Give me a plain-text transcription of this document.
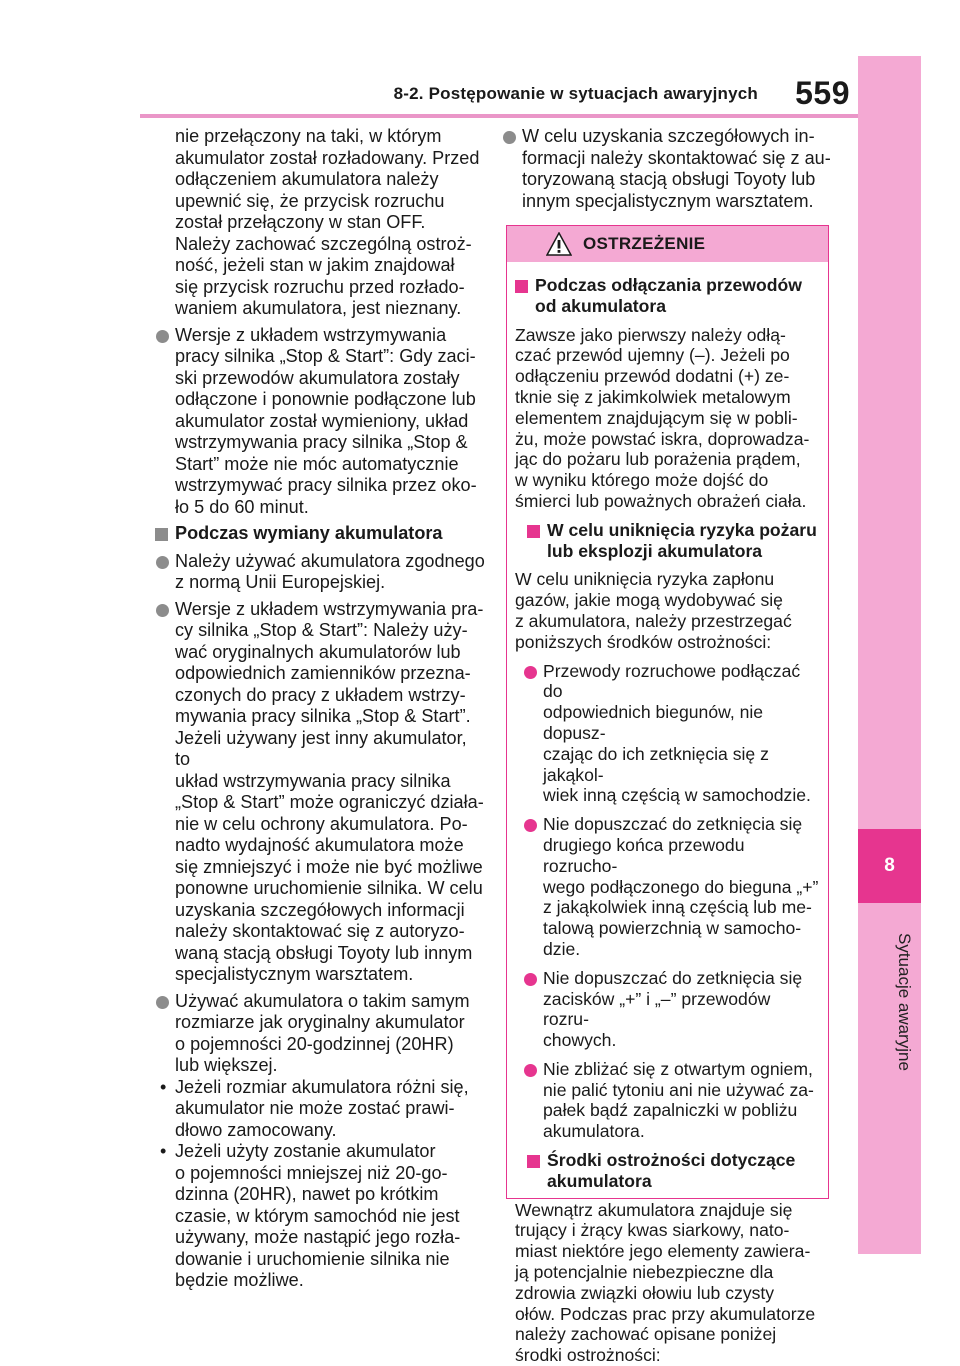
8-2. Postępowanie w sytuacjach awaryjnych	559
8
Sytuacje awaryjne
nie przełączony na taki, w którym
akumulator został rozładowany. Przed
odłączeniem akumulatora należy
upewnić się, że przycisk rozruchu
został przełączony w stan OFF.
Należy zachować szczególną ostroż-
ność, jeżeli stan w jakim znajdował
się przycisk rozruchu przed rozłado-
waniem akumulatora, jest nieznany.
Wersje z układem wstrzymywania
pracy silnika „Stop & Start”: Gdy zaci-
ski przewodów akumulatora zostały
odłączone i ponownie podłączone lub
akumulator został wymieniony, układ
wstrzymywania pracy silnika „Stop &
Start” może nie móc automatycznie
wstrzymywać pracy silnika przez oko-
ło 5 do 60 minut.
Podczas wymiany akumulatora
Należy używać akumulatora zgodnego
z normą Unii Europejskiej.
Wersje z układem wstrzymywania pra-
cy silnika „Stop & Start”: Należy uży-
wać oryginalnych akumulatorów lub
odpowiednich zamienników przezna-
czonych do pracy z układem wstrzy-
mywania pracy silnika „Stop & Start”.
Jeżeli używany jest inny akumulator, to
układ wstrzymywania pracy silnika
„Stop & Start” może ograniczyć działa-
nie w celu ochrony akumulatora. Po-
nadto wydajność akumulatora może
się zmniejszyć i może nie być możliwe
ponowne uruchomienie silnika. W celu
uzyskania szczegółowych informacji
należy skontaktować się z autoryzo-
waną stacją obsługi Toyoty lub innym
specjalistycznym warsztatem.
Używać akumulatora o takim samym
rozmiarze jak oryginalny akumulator
o pojemności 20-godzinnej (20HR)
lub większej.
• Jeżeli rozmiar akumulatora różni się,
akumulator nie może zostać prawi-
dłowo zamocowany.
• Jeżeli użyty zostanie akumulator
o pojemności mniejszej niż 20-go-
dzinna (20HR), nawet po krótkim
czasie, w którym samochód nie jest
używany, może nastąpić jego rozła-
dowanie i uruchomienie silnika nie
będzie możliwe.
W celu uzyskania szczegółowych in-
formacji należy skontaktować się z au-
toryzowaną stacją obsługi Toyoty lub
innym specjalistycznym warsztatem.
OSTRZEŻENIE
Podczas odłączania przewodów
od akumulatora
Zawsze jako pierwszy należy odłą-
czać przewód ujemny (–). Jeżeli po
odłączeniu przewód dodatni (+) ze-
tknie się z jakimkolwiek metalowym
elementem znajdującym się w pobli-
żu, może powstać iskra, doprowadza-
jąc do pożaru lub porażenia prądem,
w wyniku którego może dojść do
śmierci lub poważnych obrażeń ciała.
W celu uniknięcia ryzyka pożaru
lub eksplozji akumulatora
W celu uniknięcia ryzyka zapłonu
gazów, jakie mogą wydobywać się
z akumulatora, należy przestrzegać
poniższych środków ostrożności:
Przewody rozruchowe podłączać do
odpowiednich biegunów, nie dopusz-
czając do ich zetknięcia się z jakąkol-
wiek inną częścią w samochodzie.
Nie dopuszczać do zetknięcia się
drugiego końca przewodu rozrucho-
wego podłączonego do bieguna „+”
z jakąkolwiek inną częścią lub me-
talową powierzchnią w samocho-
dzie.
Nie dopuszczać do zetknięcia się
zacisków „+” i „–” przewodów rozru-
chowych.
Nie zbliżać się z otwartym ogniem,
nie palić tytoniu ani nie używać za-
pałek bądź zapalniczki w pobliżu
akumulatora.
Środki ostrożności dotyczące
akumulatora
Wewnątrz akumulatora znajduje się
trujący i żrący kwas siarkowy, nato-
miast niektóre jego elementy zawiera-
ją potencjalnie niebezpieczne dla
zdrowia związki ołowiu lub czysty
ołów. Podczas prac przy akumulatorze
należy zachować opisane poniżej
środki ostrożności:
